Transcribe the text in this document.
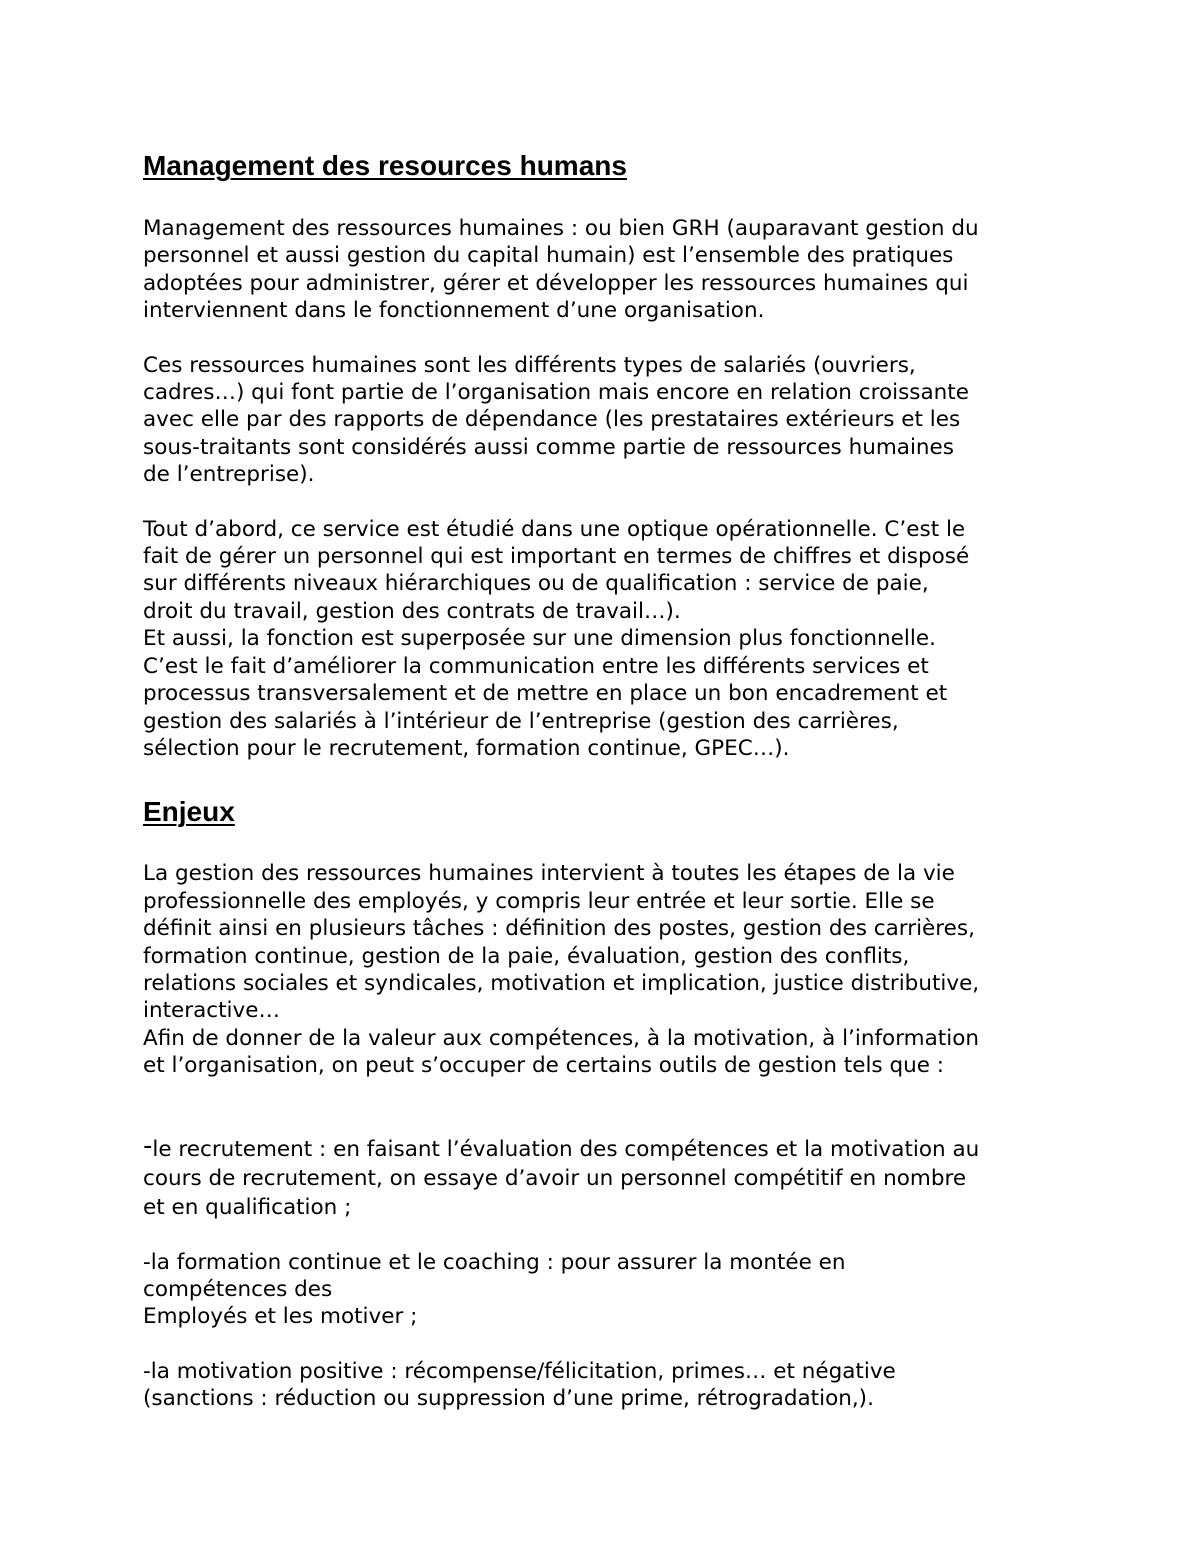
Management des resources humans

Management des ressources humaines : ou bien GRH (auparavant gestion du
personnel et aussi gestion du capital humain) est l’ensemble des pratiques
adoptées pour administrer, gérer et développer les ressources humaines qui
interviennent dans le fonctionnement d’une organisation.

Ces ressources humaines sont les différents types de salariés (ouvriers,
cadres…) qui font partie de l’organisation mais encore en relation croissante
avec elle par des rapports de dépendance (les prestataires extérieurs et les
sous-traitants sont considérés aussi comme partie de ressources humaines
de l’entreprise).

Tout d’abord, ce service est étudié dans une optique opérationnelle. C’est le
fait de gérer un personnel qui est important en termes de chiffres et disposé
sur différents niveaux hiérarchiques ou de qualification : service de paie,
droit du travail, gestion des contrats de travail…).

Et aussi, la fonction est superposée sur une dimension plus fonctionnelle.
C’est le fait d’améliorer la communication entre les différents services et
processus transversalement et de mettre en place un bon encadrement et
gestion des salariés à l’intérieur de l’entreprise (gestion des carrières,
sélection pour le recrutement, formation continue, GPEC…).

Enjeux

La gestion des ressources humaines intervient à toutes les étapes de la vie
professionnelle des employés, y compris leur entrée et leur sortie. Elle se
définit ainsi en plusieurs tâches : définition des postes, gestion des carrières,
formation continue, gestion de la paie, évaluation, gestion des conflits,
relations sociales et syndicales, motivation et implication, justice distributive,
interactive…

Afin de donner de la valeur aux compétences, à la motivation, à l’information
et l’organisation, on peut s’occuper de certains outils de gestion tels que :

-le recrutement : en faisant l’évaluation des compétences et la motivation au
cours de recrutement, on essaye d’avoir un personnel compétitif en nombre
et en qualification ;

-la formation continue et le coaching : pour assurer la montée en
compétences des
Employés et les motiver ;

-la motivation positive : récompense/félicitation, primes… et négative
(sanctions : réduction ou suppression d’une prime, rétrogradation,).
